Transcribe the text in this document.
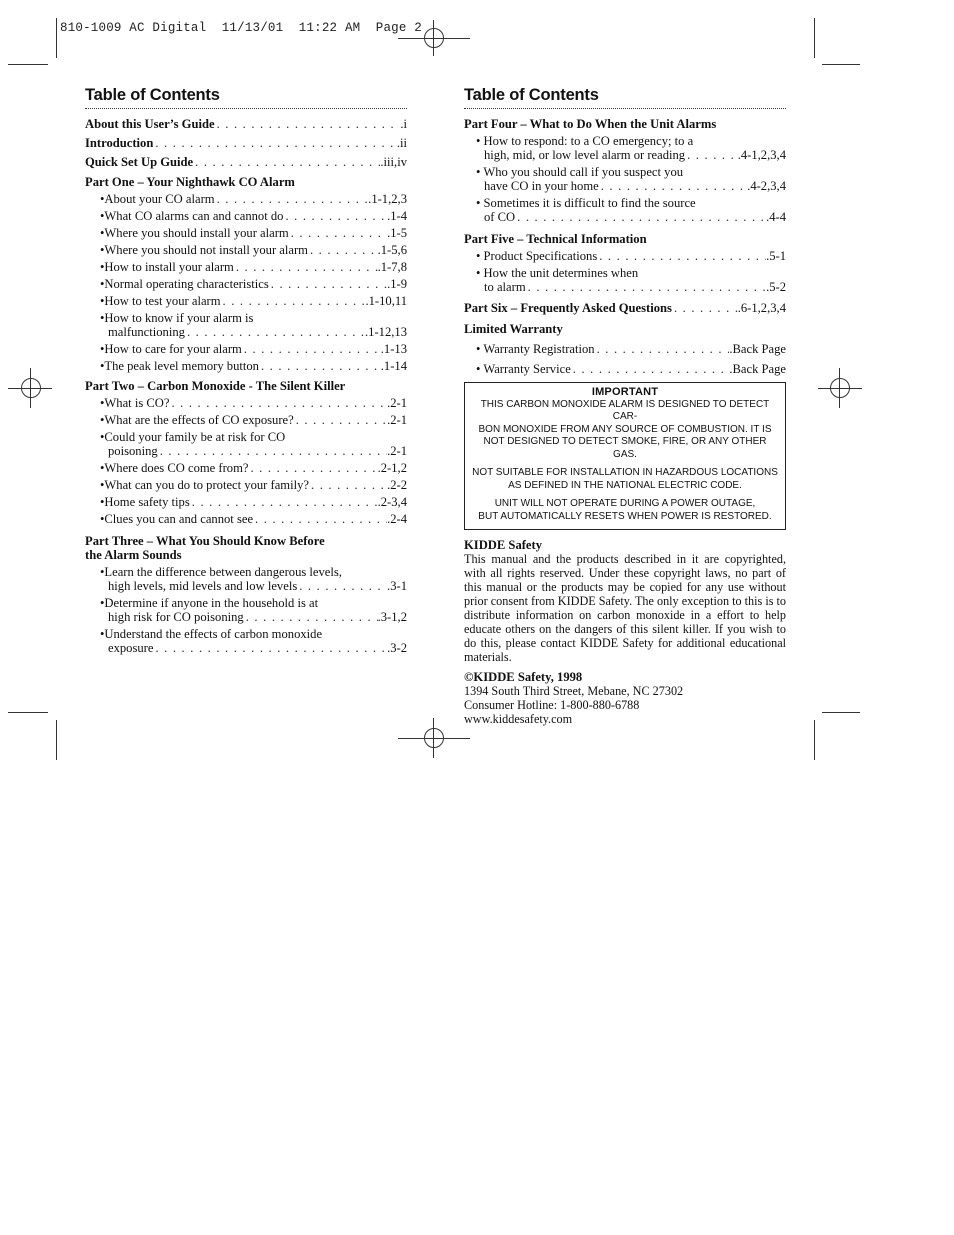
810-1009 AC Digital  11/13/01  11:22 AM  Page 2
Table of Contents
About this User’s Guide . . .	.i
Introduction . . .	.ii
Quick Set Up Guide . . .	.iii,iv
Part One – Your Nighthawk CO Alarm
•About your CO alarm . . .	.1-1,2,3
•What CO alarms can and cannot do . . .	.1-4
•Where you should install your alarm . . .	.1-5
•Where you should not install your alarm . . .	.1-5,6
•How to install your alarm . . .	.1-7,8
•Normal operating characteristics . . .	.1-9
•How to test your alarm . . .	.1-10,11
•How to know if your alarm is
malfunctioning . . .	.1-12,13
•How to care for your alarm . . .	.1-13
•The peak level memory button . . .	.1-14
Part Two – Carbon Monoxide - The Silent Killer
•What is CO? . . .	.2-1
•What are the effects of CO exposure? . . .	.2-1
•Could your family be at risk for CO
poisoning . . .	.2-1
•Where does CO come from? . . .	.2-1,2
•What can you do to protect your family? . . .	.2-2
•Home safety tips . . .	.2-3,4
•Clues you can and cannot see . . .	.2-4
Part Three – What You Should Know Before
the Alarm Sounds
•Learn the difference between dangerous levels,
high levels, mid levels and low levels . . .	.3-1
•Determine if anyone in the household is at
high risk for CO poisoning . . .	.3-1,2
•Understand the effects of carbon monoxide
exposure . . .	.3-2
Table of Contents
Part Four – What to Do When the Unit Alarms
• How to respond: to a CO emergency; to a
high, mid, or low level alarm or reading . . .	.4-1,2,3,4
• Who you should call if you suspect you
have CO in your home . . .	.4-2,3,4
• Sometimes it is difficult to find the source
of CO . . .	.4-4
Part Five – Technical Information
• Product Specifications . . .	.5-1
• How the unit determines when
to alarm . . .	.5-2
Part Six – Frequently Asked Questions . . .	.6-1,2,3,4
Limited Warranty
• Warranty Registration . . .	.Back Page
• Warranty Service . . .	.Back Page
IMPORTANT

THIS CARBON MONOXIDE ALARM IS DESIGNED TO DETECT CAR-
BON MONOXIDE FROM ANY SOURCE OF COMBUSTION. IT IS
NOT DESIGNED TO DETECT SMOKE, FIRE, OR ANY OTHER GAS.

NOT SUITABLE FOR INSTALLATION IN HAZARDOUS LOCATIONS
AS DEFINED IN THE NATIONAL ELECTRIC CODE.

UNIT WILL NOT OPERATE DURING A POWER OUTAGE,
BUT AUTOMATICALLY RESETS WHEN POWER IS RESTORED.

KIDDE Safety
This manual and the products described in it are copyrighted, with all rights reserved. Under these copyright laws, no part of this manual or the products may be copied for any use without prior consent from KIDDE Safety. The only exception to this is to distribute information on carbon monoxide in a effort to help educate others on the dangers of this silent killer. If you wish to do this, please contact KIDDE Safety for additional educational materials.
©KIDDE Safety, 1998
1394 South Third Street, Mebane, NC 27302
Consumer Hotline: 1-800-880-6788
www.kiddesafety.com
